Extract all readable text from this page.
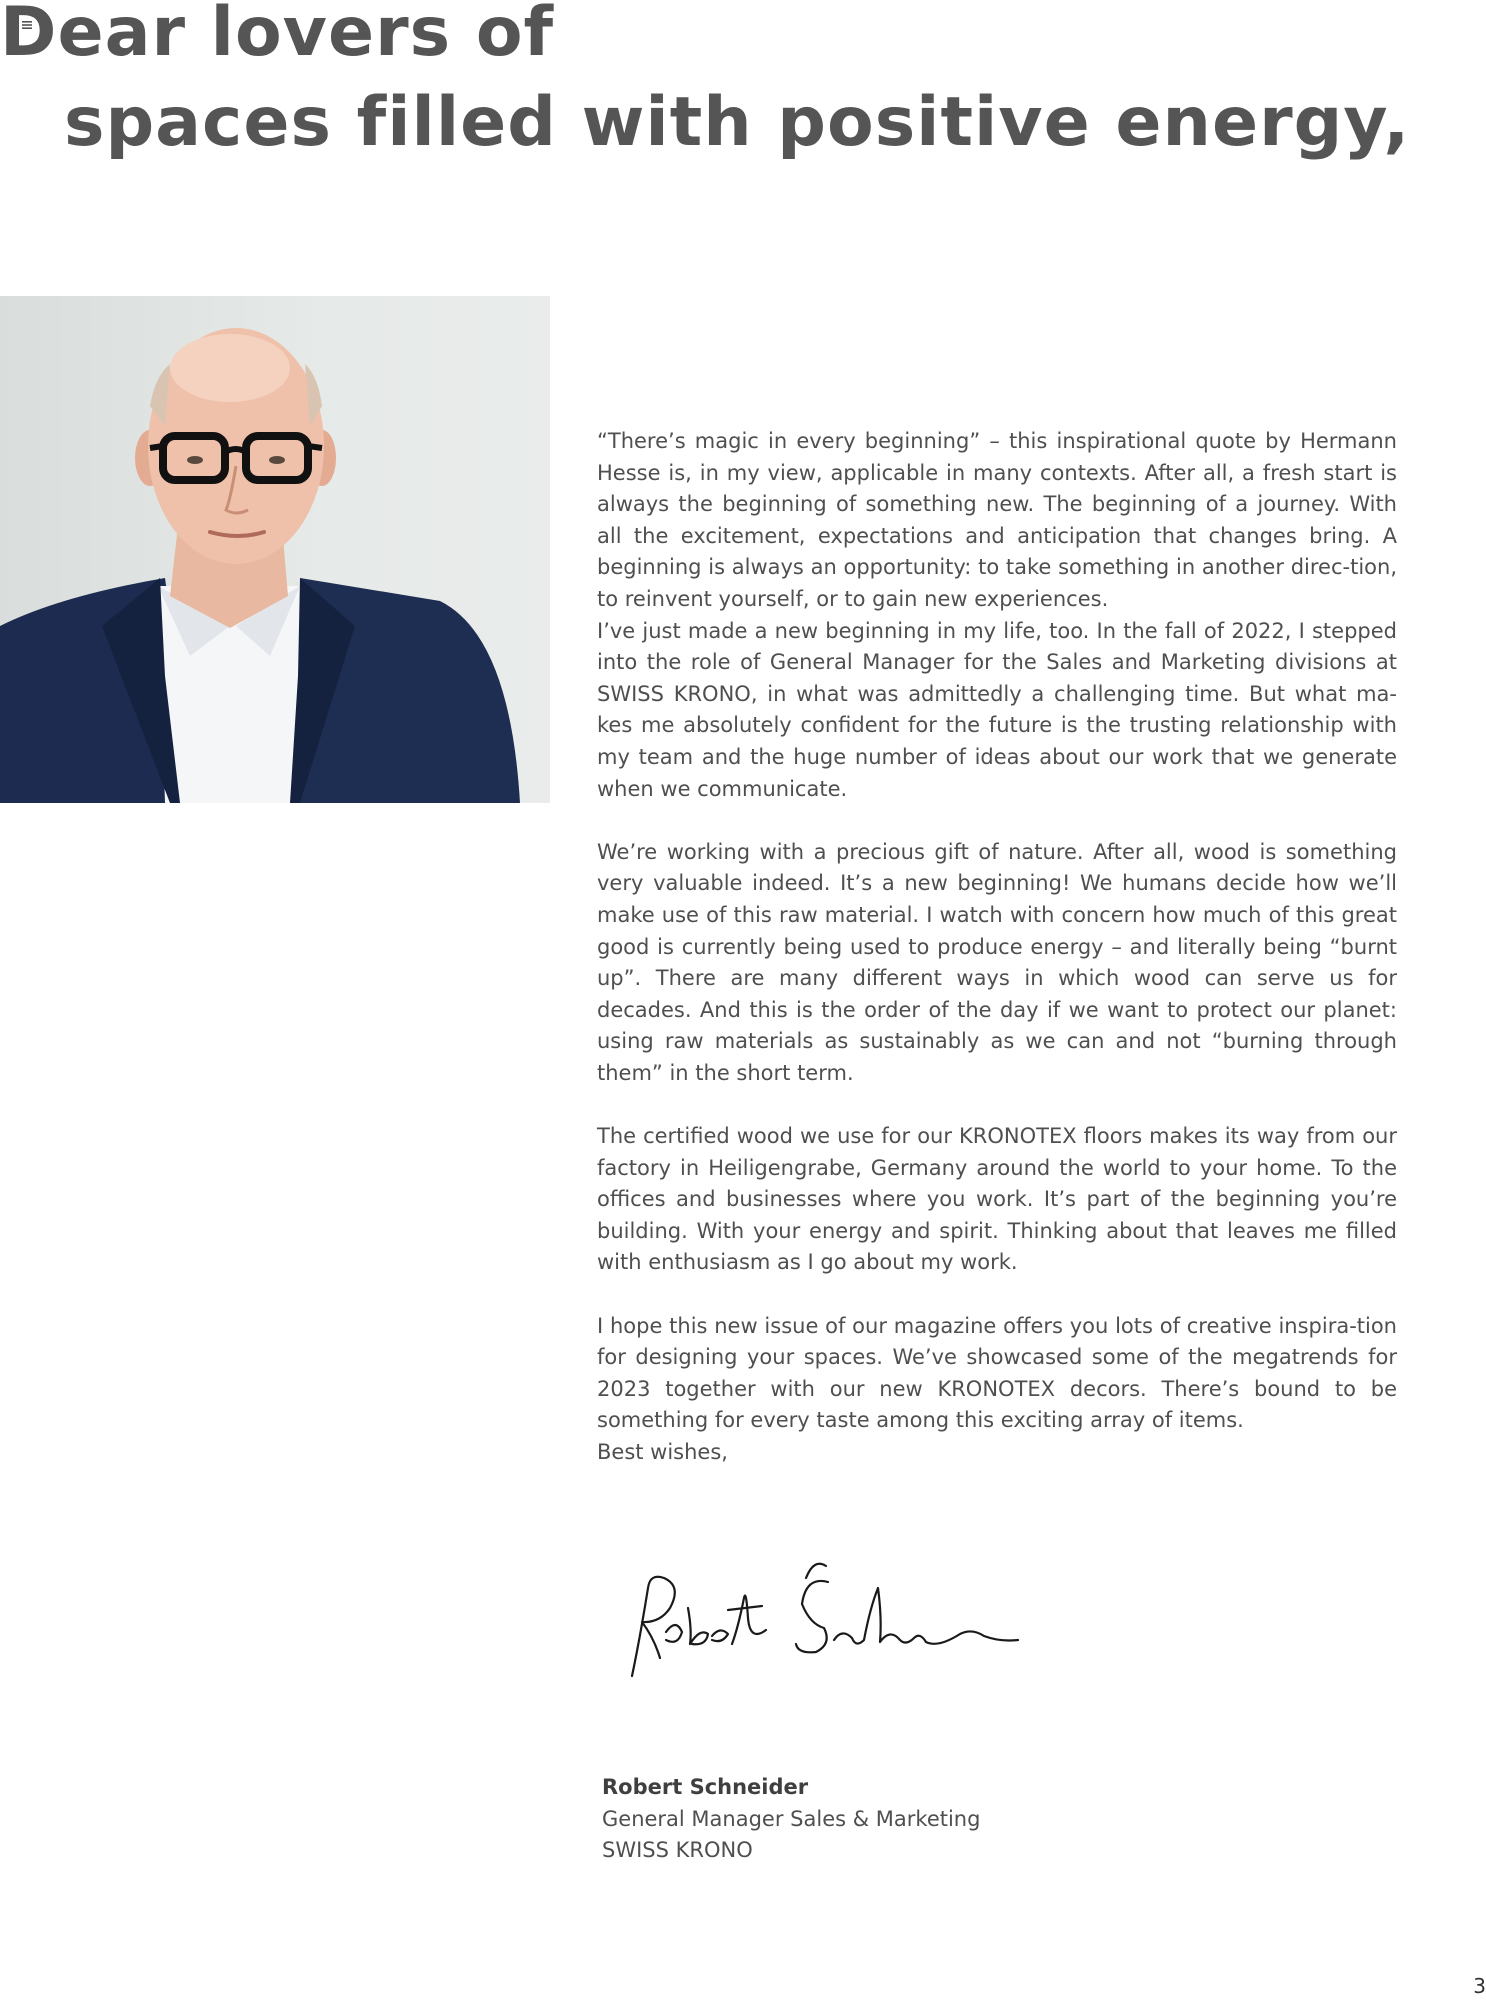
Dear lovers of
spaces filled with positive energy,

“There’s magic in every beginning” – this inspirational quote by Hermann Hesse is, in my view, applicable in many contexts. After all, a fresh start is always the beginning of something new. The beginning of a journey. With all the excitement, expectations and anticipation that changes bring. A beginning is always an opportunity: to take something in another direc-tion, to reinvent yourself, or to gain new experiences.

I’ve just made a new beginning in my life, too. In the fall of 2022, I stepped into the role of General Manager for the Sales and Marketing divisions at SWISS KRONO, in what was admittedly a challenging time. But what ma-kes me absolutely confident for the future is the trusting relationship with my team and the huge number of ideas about our work that we generate when we communicate.

We’re working with a precious gift of nature. After all, wood is something very valuable indeed. It’s a new beginning! We humans decide how we’ll make use of this raw material. I watch with concern how much of this great good is currently being used to produce energy – and literally being “burnt up”. There are many different ways in which wood can serve us for decades. And this is the order of the day if we want to protect our planet: using raw materials as sustainably as we can and not “burning through them” in the short term.

The certified wood we use for our KRONOTEX floors makes its way from our factory in Heiligengrabe, Germany around the world to your home. To the offices and businesses where you work. It’s part of the beginning you’re building. With your energy and spirit. Thinking about that leaves me filled with enthusiasm as I go about my work.

I hope this new issue of our magazine offers you lots of creative inspira-tion for designing your spaces. We’ve showcased some of the megatrends for 2023 together with our new KRONOTEX decors. There’s bound to be something for every taste among this exciting array of items.

Best wishes,

Robert Schneider
General Manager Sales & Marketing
SWISS KRONO
3
